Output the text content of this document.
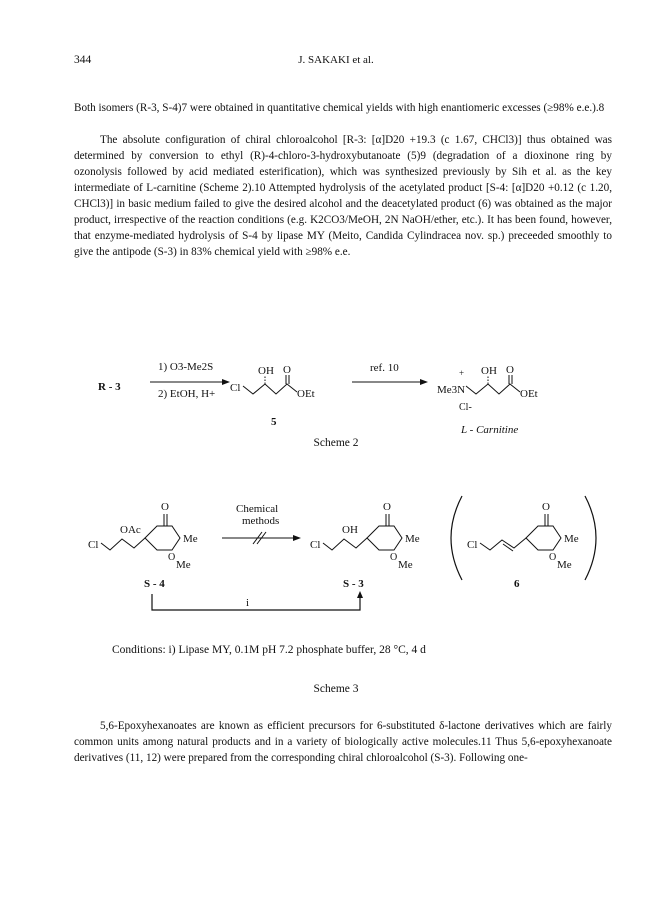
344	J. SAKAKI et al.
Both isomers (R-3, S-4)7 were obtained in quantitative chemical yields with high enantiomeric excesses (≥98% e.e.).8
The absolute configuration of chiral chloroalcohol [R-3: [α]D20 +19.3 (c 1.67, CHCl3)] thus obtained was determined by conversion to ethyl (R)-4-chloro-3-hydroxybutanoate (5)9 (degradation of a dioxinone ring by ozonolysis followed by acid mediated esterification), which was synthesized previously by Sih et al. as the key intermediate of L-carnitine (Scheme 2).10 Attempted hydrolysis of the acetylated product [S-4: [α]D20 +0.12 (c 1.20, CHCl3)] in basic medium failed to give the desired alcohol and the deacetylated product (6) was obtained as the major product, irrespective of the reaction conditions (e.g. K2CO3/MeOH, 2N NaOH/ether, etc.). It has been found, however, that enzyme-mediated hydrolysis of S-4 by lipase MY (Meito, Candida Cylindracea nov. sp.) preceeded smoothly to give the antipode (S-3) in 83% chemical yield with ≥98% e.e.
R - 3
1) O3-Me2S
2) EtOH, H+ Cl
OH O
OEt
5
ref. 10	+
Me3N
OH O
OEt
Cl-
L - Carnitine
Scheme 2
Cl
OAc
O
Me
O
Me
Chemical
methods
Cl
OH
O
Me
O
Me
Cl
O
Me
O
Me
S - 4	S - 3	6
i
Conditions: i) Lipase MY, 0.1M pH 7.2 phosphate buffer, 28 °C, 4 d
Scheme 3
5,6-Epoxyhexanoates are known as efficient precursors for 6-substituted δ-lactone derivatives which are fairly common units among natural products and in a variety of biologically active molecules.11 Thus 5,6-epoxyhexanoate derivatives (11, 12) were prepared from the corresponding chiral chloroalcohol (S-3). Following one-
